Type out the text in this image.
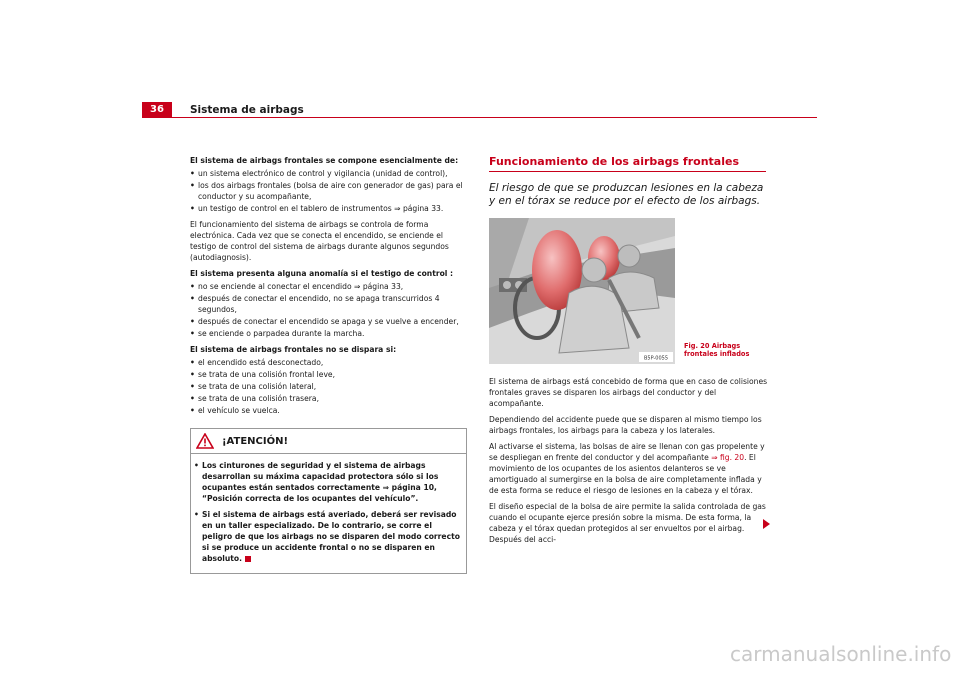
36	Sistema de airbags

El sistema de airbags frontales se compone esencialmente de:

• un sistema electrónico de control y vigilancia (unidad de control),
• los dos airbags frontales (bolsa de aire con generador de gas) para el conductor y su acompañante,
• un testigo de control en el tablero de instrumentos ⇒ página 33.

El funcionamiento del sistema de airbags se controla de forma electrónica. Cada vez que se conecta el encendido, se enciende el testigo de control del sistema de airbags durante algunos segundos (autodiagnosis).

El sistema presenta alguna anomalía si el testigo de control :

• no se enciende al conectar el encendido ⇒ página 33,
• después de conectar el encendido, no se apaga transcurridos 4 segundos,
• después de conectar el encendido se apaga y se vuelve a encender,
• se enciende o parpadea durante la marcha.

El sistema de airbags frontales no se dispara si:

• el encendido está desconectado,
• se trata de una colisión frontal leve,
• se trata de una colisión lateral,
• se trata de una colisión trasera,
• el vehículo se vuelca.
¡ATENCIÓN!
• Los cinturones de seguridad y el sistema de airbags desarrollan su máxima capacidad protectora sólo si los ocupantes están sentados correctamente ⇒ página 10, “Posición correcta de los ocupantes del vehículo”.
• Si el sistema de airbags está averiado, deberá ser revisado en un taller especializado. De lo contrario, se corre el peligro de que los airbags no se disparen del modo correcto si se produce un accidente frontal o no se disparen en absoluto.
Funcionamiento de los airbags frontales
El riesgo de que se produzcan lesiones en la cabeza y en el tórax se reduce por el efecto de los airbags.
B5P-0055

El sistema de airbags está concebido de forma que en caso de colisiones frontales graves se disparen los airbags del conductor y del acompañante.

Dependiendo del accidente puede que se disparen al mismo tiempo los airbags frontales, los airbags para la cabeza y los laterales.

Al activarse el sistema, las bolsas de aire se llenan con gas propelente y se despliegan en frente del conductor y del acompañante ⇒ fig. 20. El movimiento de los ocupantes de los asientos delanteros se ve amortiguado al sumergirse en la bolsa de aire completamente inflada y de esta forma se reduce el riesgo de lesiones en la cabeza y el tórax.

El diseño especial de la bolsa de aire permite la salida controlada de gas cuando el ocupante ejerce presión sobre la misma. De esta forma, la cabeza y el tórax quedan protegidos al ser envueltos por el airbag. Después del acci-

Fig. 20 Airbags frontales inflados
carmanualsonline.info
